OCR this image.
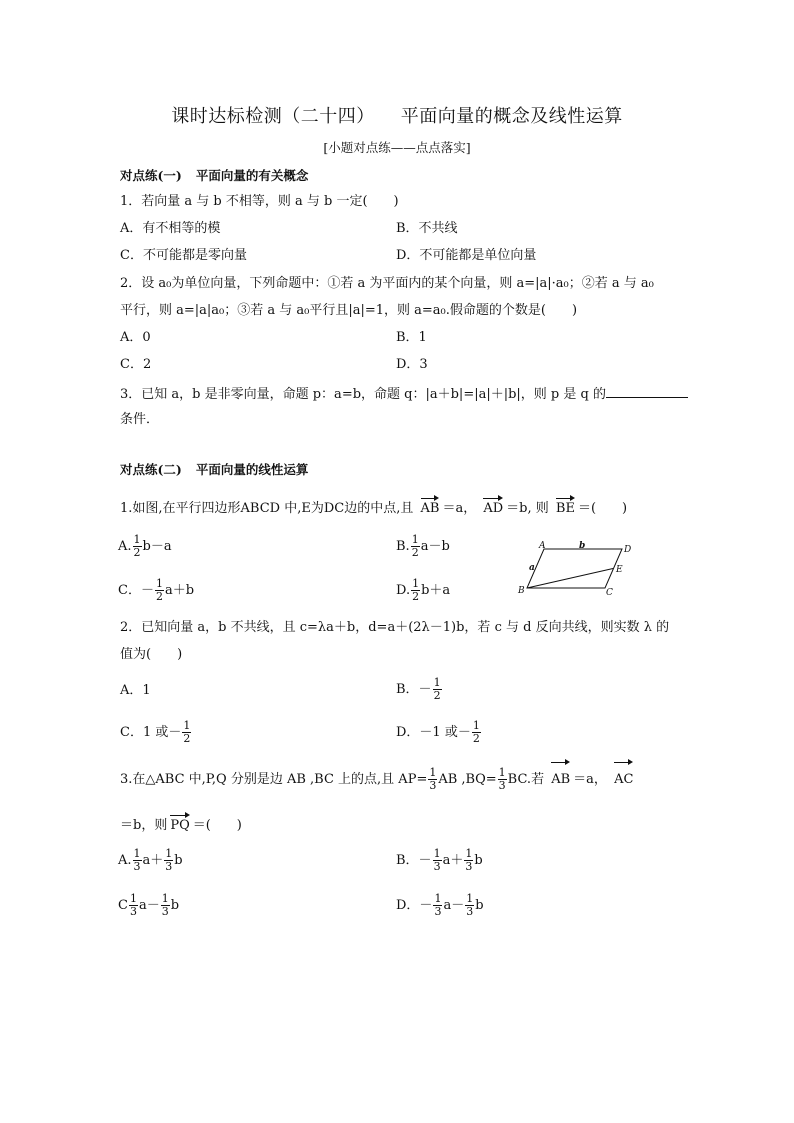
课时达标检测（二十四） 平面向量的概念及线性运算
[小题对点练——点点落实]
对点练(一) 平面向量的有关概念
1．若向量 a 与 b 不相等，则 a 与 b 一定(　　)
A．有不相等的模	B．不共线
C．不可能都是零向量	D．不可能都是单位向量
2．设 a₀为单位向量，下列命题中：①若 a 为平面内的某个向量，则 a=|a|·a₀；②若 a 与 a₀
平行，则 a=|a|a₀；③若 a 与 a₀平行且|a|=1，则 a=a₀.假命题的个数是(　　)
A．0	B．1
C．2	D．3
3．已知 a，b 是非零向量，命题 p：a=b，命题 q：|a＋b|=|a|＋|b|，则 p 是 q 的
条件．
对点练(二) 平面向量的线性运算
1.如图,在平行四边形ABCD 中,E为DC边的中点,且 AB ＝a， AD ＝b, 则 BE ＝(　　)
A. $\frac{1}{2} b-a$	B. $\frac{1}{2} a-b$
C．－ $\frac{1}{2} a+b$	D. $\frac{1}{2} b+a$
A	D
B	C
E
b
a
2．已知向量 a，b 不共线，且 c=λa＋b，d=a＋(2λ－1)b，若 c 与 d 反向共线，则实数 λ 的
值为(　　)
A．1	B．－ $\frac{1}{2}$
C．1 或－ $\frac{1}{2}$	D．－1 或－ $\frac{1}{2}$
3.在△ABC 中,P,Q 分别是边 AB ,BC 上的点,且 $AP= \frac{1}{3}$ AB $,BQ= \frac{1}{3}$ BC.若 AB ＝a， AC
＝b，则 PQ ＝(　　)
A. $\frac{1}{3} a+ \frac{1}{3}$ b	B．－ $\frac{1}{3} a+ \frac{1}{3}$ b
C $\frac{1}{3} a- \frac{1}{3}$ b	D．－ $\frac{1}{3} a- \frac{1}{3}$ b
